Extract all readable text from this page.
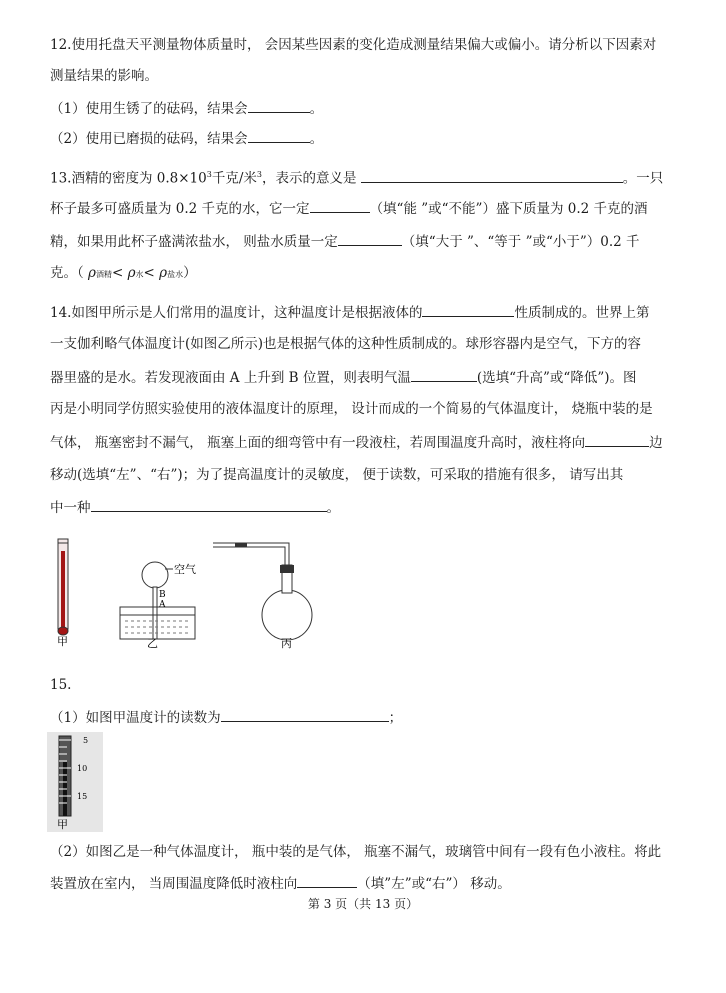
12.使用托盘天平测量物体质量时， 会因某些因素的变化造成测量结果偏大或偏小。请分析以下因素对
测量结果的影响。
（1）使用生锈了的砝码，结果会	。
（2）使用已磨损的砝码，结果会	。
13.酒精的密度为 $0.8\times 10^3$千克/米$^3$，表示的意义是	。一只
杯子最多可盛质量为 0.2 千克的水，它一定	（填“能 ”或“不能”）盛下质量为 0.2 千克的酒
精，如果用此杯子盛满浓盐水， 则盐水质量一定	（填“大于 ”、“等于 ”或“小于”）0.2 千
克。（ ρ酒精< ρ水< ρ盐水）
14.如图甲所示是人们常用的温度计，这种温度计是根据液体的	性质制成的。世界上第
一支伽利略气体温度计(如图乙所示)也是根据气体的这种性质制成的。球形容器内是空气，下方的容
器里盛的是水。若发现液面由 A 上升到 B 位置，则表明气温	(选填“升高”或“降低”)。图
丙是小明同学仿照实验使用的液体温度计的原理， 设计而成的一个简易的气体温度计， 烧瓶中装的是
气体， 瓶塞密封不漏气， 瓶塞上面的细弯管中有一段液柱，若周围温度升高时，液柱将向	边
移动(选填“左”、“右”)；为了提高温度计的灵敏度， 便于读数，可采取的措施有很多， 请写出其
中一种	。
甲
空气
B
A
乙	丙
15.
（1）如图甲温度计的读数为	；
5
10
15
甲
（2）如图乙是一种气体温度计， 瓶中装的是气体， 瓶塞不漏气，玻璃管中间有一段有色小液柱。将此
装置放在室内， 当周围温度降低时液柱向	（填”左”或“右”） 移动。
第 3 页（共 13 页）
